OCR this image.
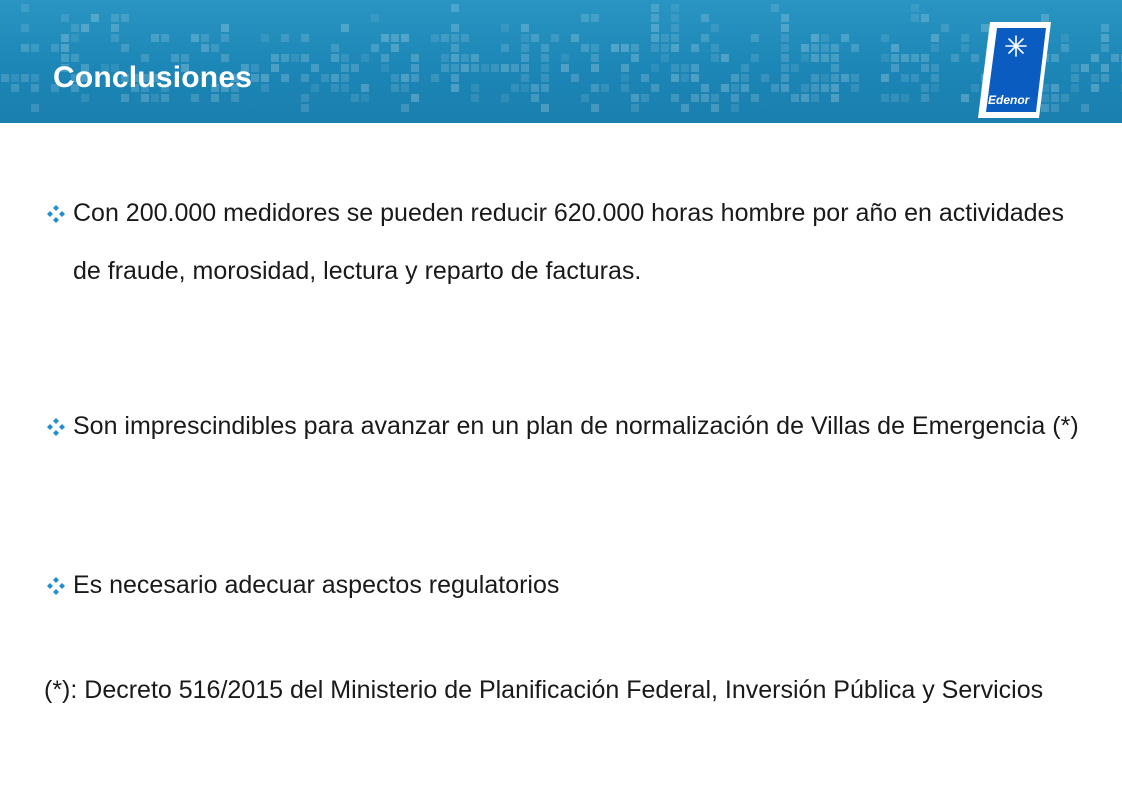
Conclusiones
Edenor
Con 200.000 medidores se pueden reducir 620.000 horas hombre por año en actividades de fraude, morosidad, lectura y reparto de facturas.
Son imprescindibles para avanzar en un plan de normalización de Villas de Emergencia (*)
Es necesario adecuar aspectos regulatorios
(*): Decreto 516/2015 del Ministerio de Planificación Federal, Inversión Pública y Servicios
